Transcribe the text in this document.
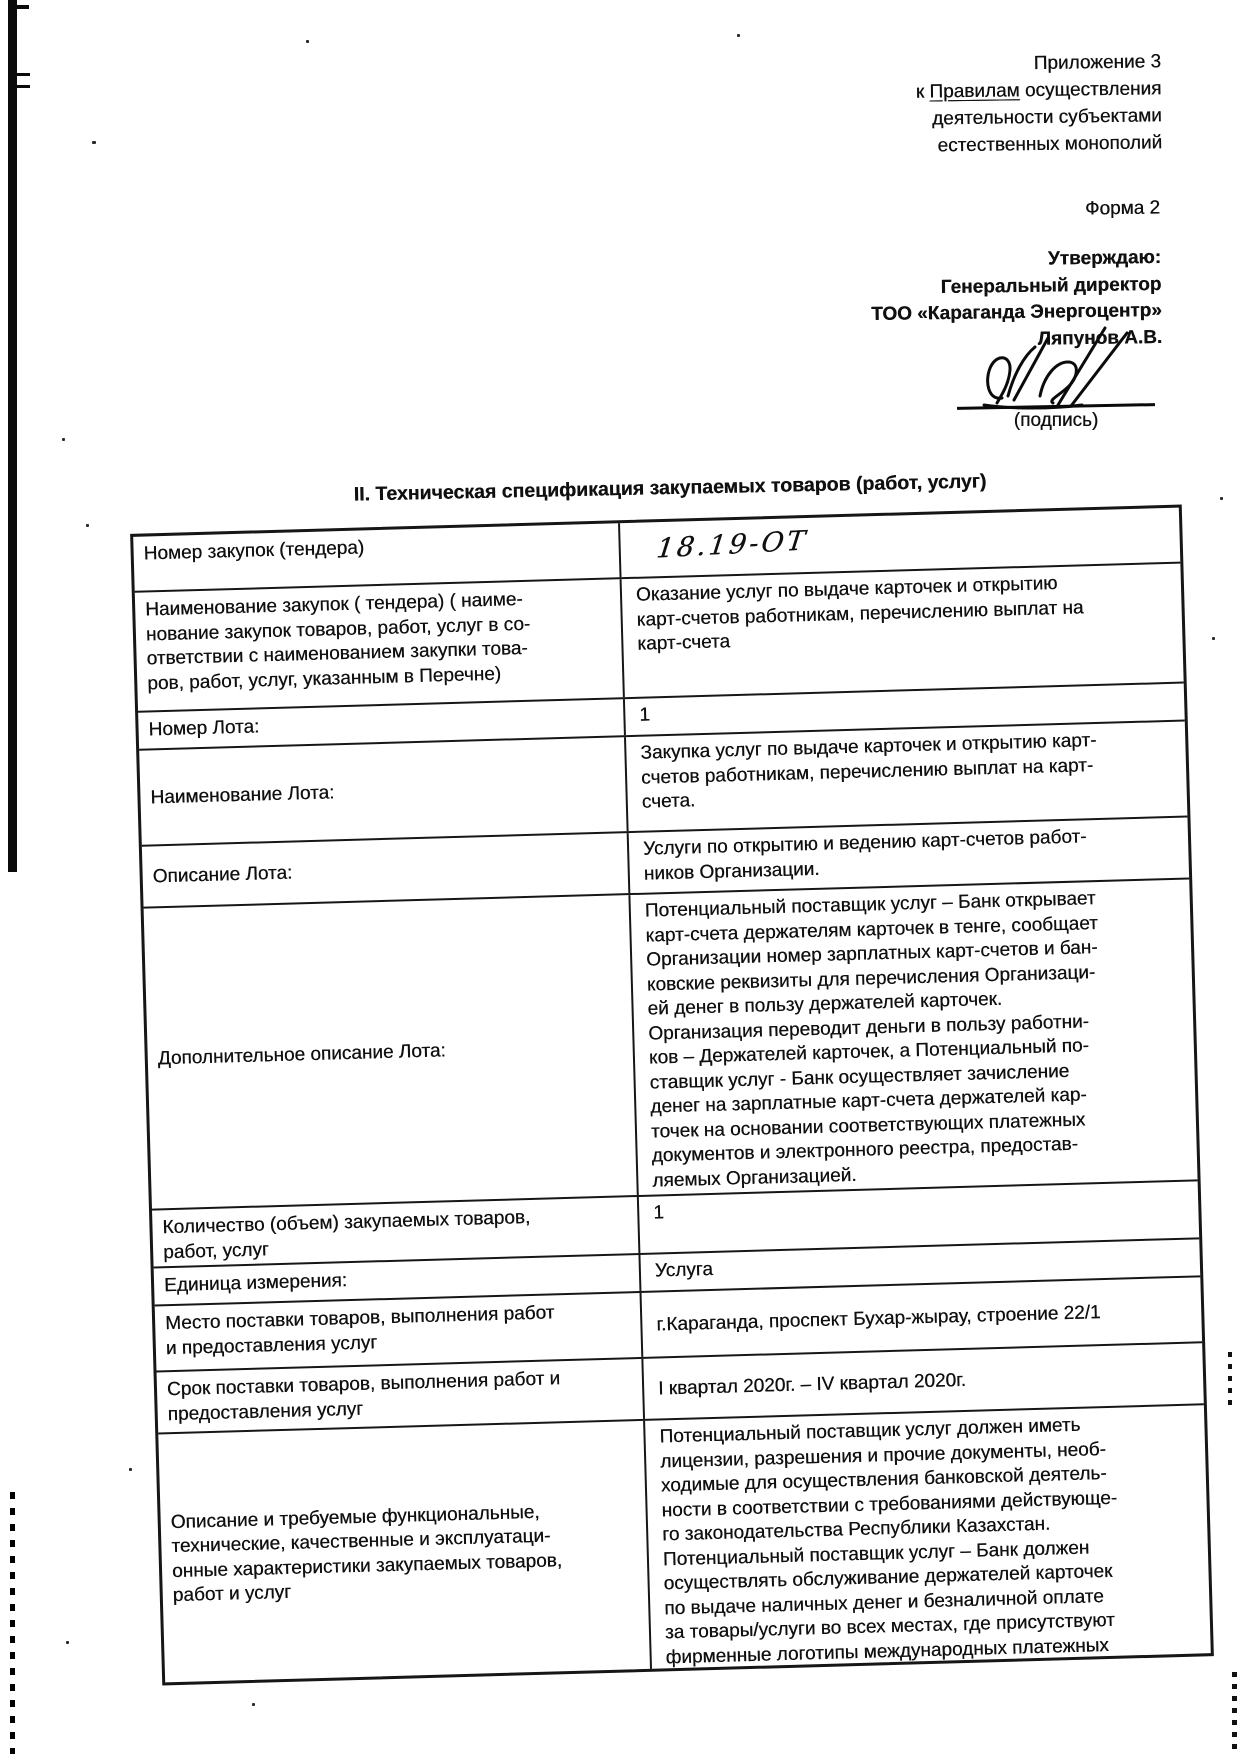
Приложение 3
к Правилам осуществления
деятельности субъектами
естественных монополий
Форма 2
Утверждаю:
Генеральный директор
ТОО «Караганда Энергоцентр»
Ляпунов А.В.
(подпись)
II. Техническая спецификация закупаемых товаров (работ, услуг)
Номер закупок (тендера)	18.19-ОТ
Наименование закупок ( тендера) ( наиме-
нование закупок товаров, работ, услуг в со-
ответствии с наименованием закупки това-
ров, работ, услуг, указанным в Перечне)
Оказание услуг по выдаче карточек и открытию
карт-счетов работникам, перечислению выплат на
карт-счета
Номер Лота:
1
Наименование Лота:
Закупка услуг по выдаче карточек и открытию карт-
счетов работникам, перечислению выплат на карт-
счета.
Описание Лота:
Услуги по открытию и ведению карт-счетов работ-
ников Организации.
Дополнительное описание Лота:
Потенциальный поставщик услуг – Банк открывает
карт-счета держателям карточек в тенге, сообщает
Организации номер зарплатных карт-счетов и бан-
ковские реквизиты для перечисления Организаци-
ей денег в пользу держателей карточек.
Организация переводит деньги в пользу работни-
ков – Держателей карточек, а Потенциальный по-
ставщик услуг - Банк осуществляет зачисление
денег на зарплатные карт-счета держателей кар-
точек на основании соответствующих платежных
документов и электронного реестра, предостав-
ляемых Организацией.
Количество (объем) закупаемых товаров,
работ, услуг
1
Единица измерения:	Услуга
Место поставки товаров, выполнения работ
и предоставления услуг
г.Караганда, проспект Бухар-жырау, строение 22/1
Срок поставки товаров, выполнения работ и
предоставления услуг
I квартал 2020г. – IV квартал 2020г.
Описание и требуемые функциональные,
технические, качественные и эксплуатаци-
онные характеристики закупаемых товаров,
работ и услуг
Потенциальный поставщик услуг должен иметь
лицензии, разрешения и прочие документы, необ-
ходимые для осуществления банковской деятель-
ности в соответствии с требованиями действующе-
го законодательства Республики Казахстан.
Потенциальный поставщик услуг – Банк должен
осуществлять обслуживание держателей карточек
по выдаче наличных денег и безналичной оплате
за товары/услуги во всех местах, где присутствуют
фирменные логотипы международных платежных
